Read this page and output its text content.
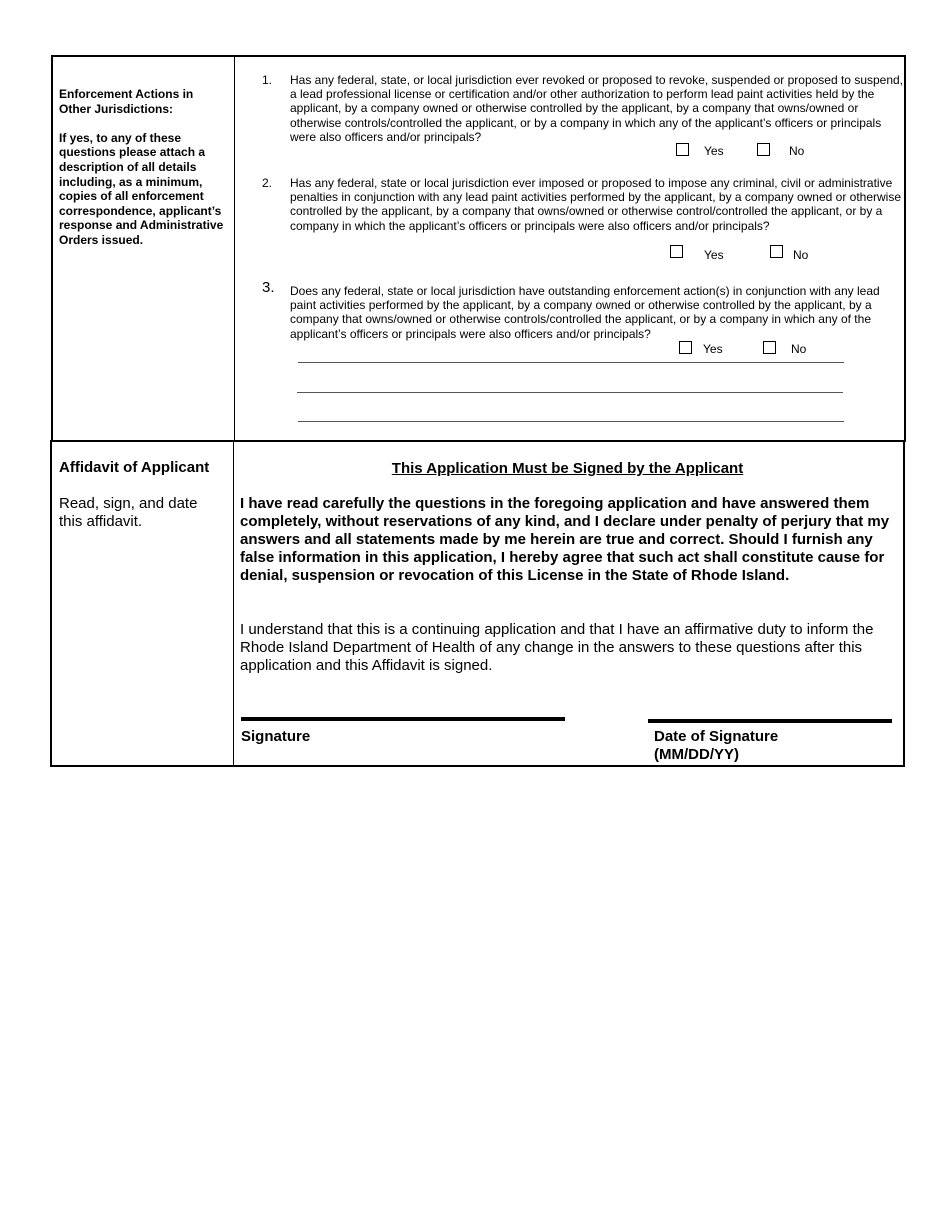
Enforcement Actions in Other Jurisdictions:

If yes, to any of these questions please attach a description of all details including, as a minimum, copies of all enforcement correspondence, applicant’s response and Administrative Orders issued.

1.	Has any federal, state, or local jurisdiction ever revoked or proposed to revoke, suspended or proposed to suspend, a lead professional license or certification and/or other authorization to perform lead paint activities held by the applicant, by a company owned or otherwise controlled by the applicant, by a company that owns/owned or otherwise controls/controlled the applicant, or by a company in which any of the applicant’s officers or principals were also officers and/or principals?
Yes	No
2.	Has any federal, state or local jurisdiction ever imposed or proposed to impose any criminal, civil or administrative penalties in conjunction with any lead paint activities performed by the applicant, by a company owned or otherwise controlled by the applicant, by a company that owns/owned or otherwise control/controlled the applicant, or by a company in which the applicant’s officers or principals were also officers and/or principals?
Yes	No
3.	Does any federal, state or local jurisdiction have outstanding enforcement action(s) in conjunction with any lead paint activities performed by the applicant, by a company owned or otherwise controlled by the applicant, by a company that owns/owned or otherwise controls/controlled the applicant, or by a company in which any of the applicant’s officers or principals were also officers and/or principals?
Yes	No
Affidavit of Applicant
Read, sign, and date this affidavit.
This Application Must be Signed by the Applicant
I have read carefully the questions in the foregoing application and have answered them completely, without reservations of any kind, and I declare under penalty of perjury that my answers and all statements made by me herein are true and correct. Should I furnish any false information in this application, I hereby agree that such act shall constitute cause for denial, suspension or revocation of this License in the State of Rhode Island.
I understand that this is a continuing application and that I have an affirmative duty to inform the Rhode Island Department of Health of any change in the answers to these questions after this application and this Affidavit is signed.
Signature	Date of Signature
(MM/DD/YY)
